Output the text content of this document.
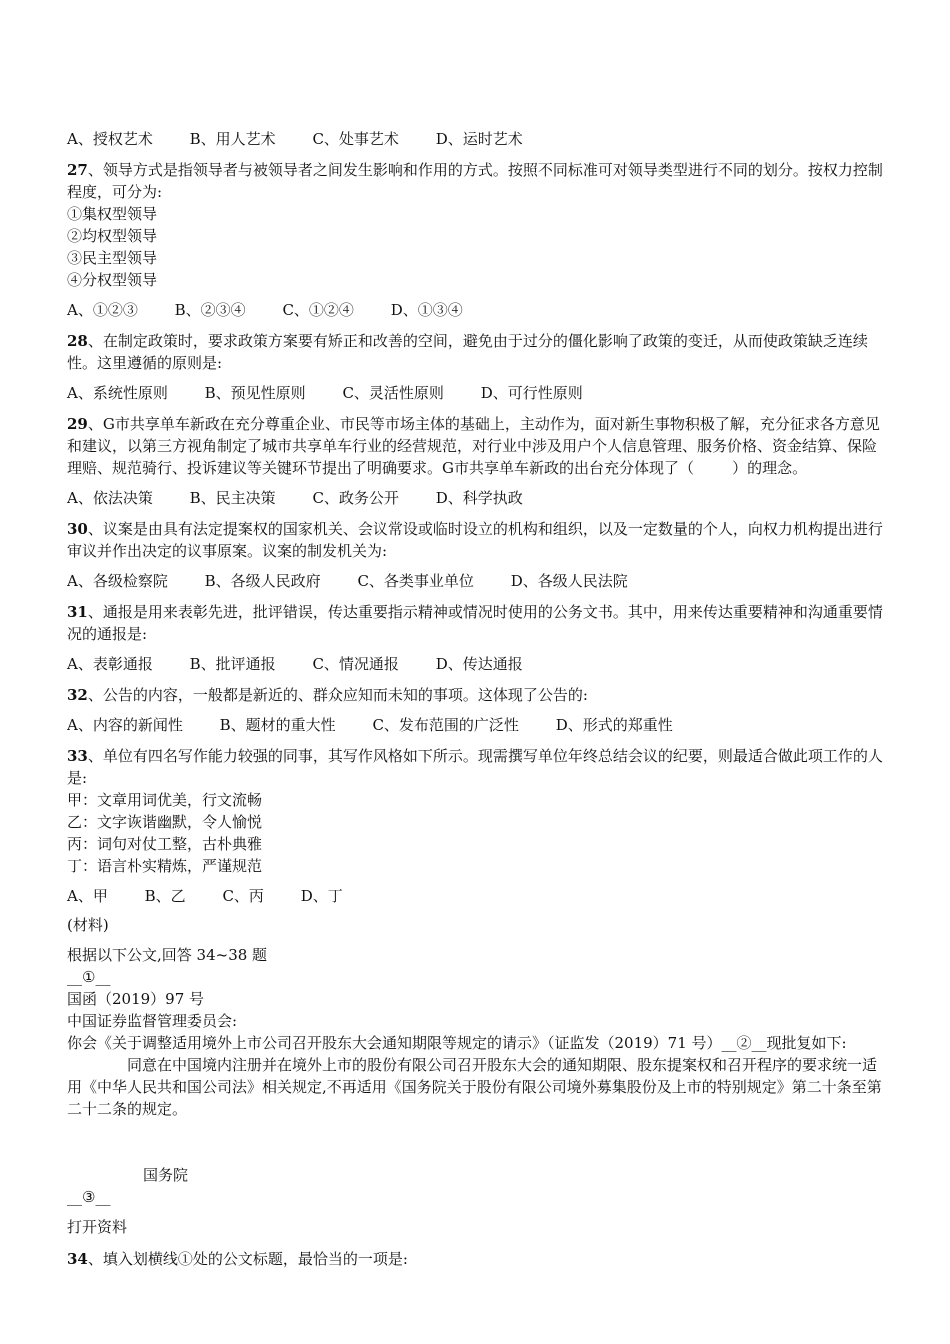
A、授权艺术 B、用人艺术 C、处事艺术 D、运时艺术

27、领导方式是指领导者与被领导者之间发生影响和作用的方式。按照不同标准可对领导类型进行不同的划分。按权力控制程度，可分为:

①集权型领导

②均权型领导

③民主型领导

④分权型领导

A、①②③ B、②③④ C、①②④ D、①③④

28、在制定政策时，要求政策方案要有矫正和改善的空间，避免由于过分的僵化影响了政策的变迁，从而使政策缺乏连续性。这里遵循的原则是:

A、系统性原则 B、预见性原则 C、灵活性原则 D、可行性原则

29、G市共享单车新政在充分尊重企业、市民等市场主体的基础上，主动作为，面对新生事物积极了解，充分征求各方意见和建议，以第三方视角制定了城市共享单车行业的经营规范，对行业中涉及用户个人信息管理、服务价格、资金结算、保险理赔、规范骑行、投诉建议等关键环节提出了明确要求。G市共享单车新政的出台充分体现了（        ）的理念。

A、依法决策 B、民主决策 C、政务公开 D、科学执政

30、议案是由具有法定提案权的国家机关、会议常设或临时设立的机构和组织，以及一定数量的个人，向权力机构提出进行审议并作出决定的议事原案。议案的制发机关为:

A、各级检察院 B、各级人民政府 C、各类事业单位 D、各级人民法院

31、通报是用来表彰先进，批评错误，传达重要指示精神或情况时使用的公务文书。其中，用来传达重要精神和沟通重要情况的通报是:

A、表彰通报 B、批评通报 C、情况通报 D、传达通报

32、公告的内容，一般都是新近的、群众应知而未知的事项。这体现了公告的:

A、内容的新闻性 B、题材的重大性 C、发布范围的广泛性 D、形式的郑重性

33、单位有四名写作能力较强的同事，其写作风格如下所示。现需撰写单位年终总结会议的纪要，则最适合做此项工作的人是:

甲：文章用词优美，行文流畅

乙：文字诙谐幽默，令人愉悦

丙：词句对仗工整，古朴典雅

丁：语言朴实精炼，严谨规范

A、甲 B、乙 C、丙 D、丁

(材料)

根据以下公文,回答 34~38 题

__①__

国函（2019）97 号

中国证券监督管理委员会:

你会《关于调整适用境外上市公司召开股东大会通知期限等规定的请示》（证监发（2019）71 号）__②__现批复如下:

同意在中国境内注册并在境外上市的股份有限公司召开股东大会的通知期限、股东提案权和召开程序的要求统一适用《中华人民共和国公司法》相关规定,不再适用《国务院关于股份有限公司境外募集股份及上市的特别规定》第二十条至第二十二条的规定。

国务院

__③__

打开资料

34、填入划横线①处的公文标题，最恰当的一项是:
